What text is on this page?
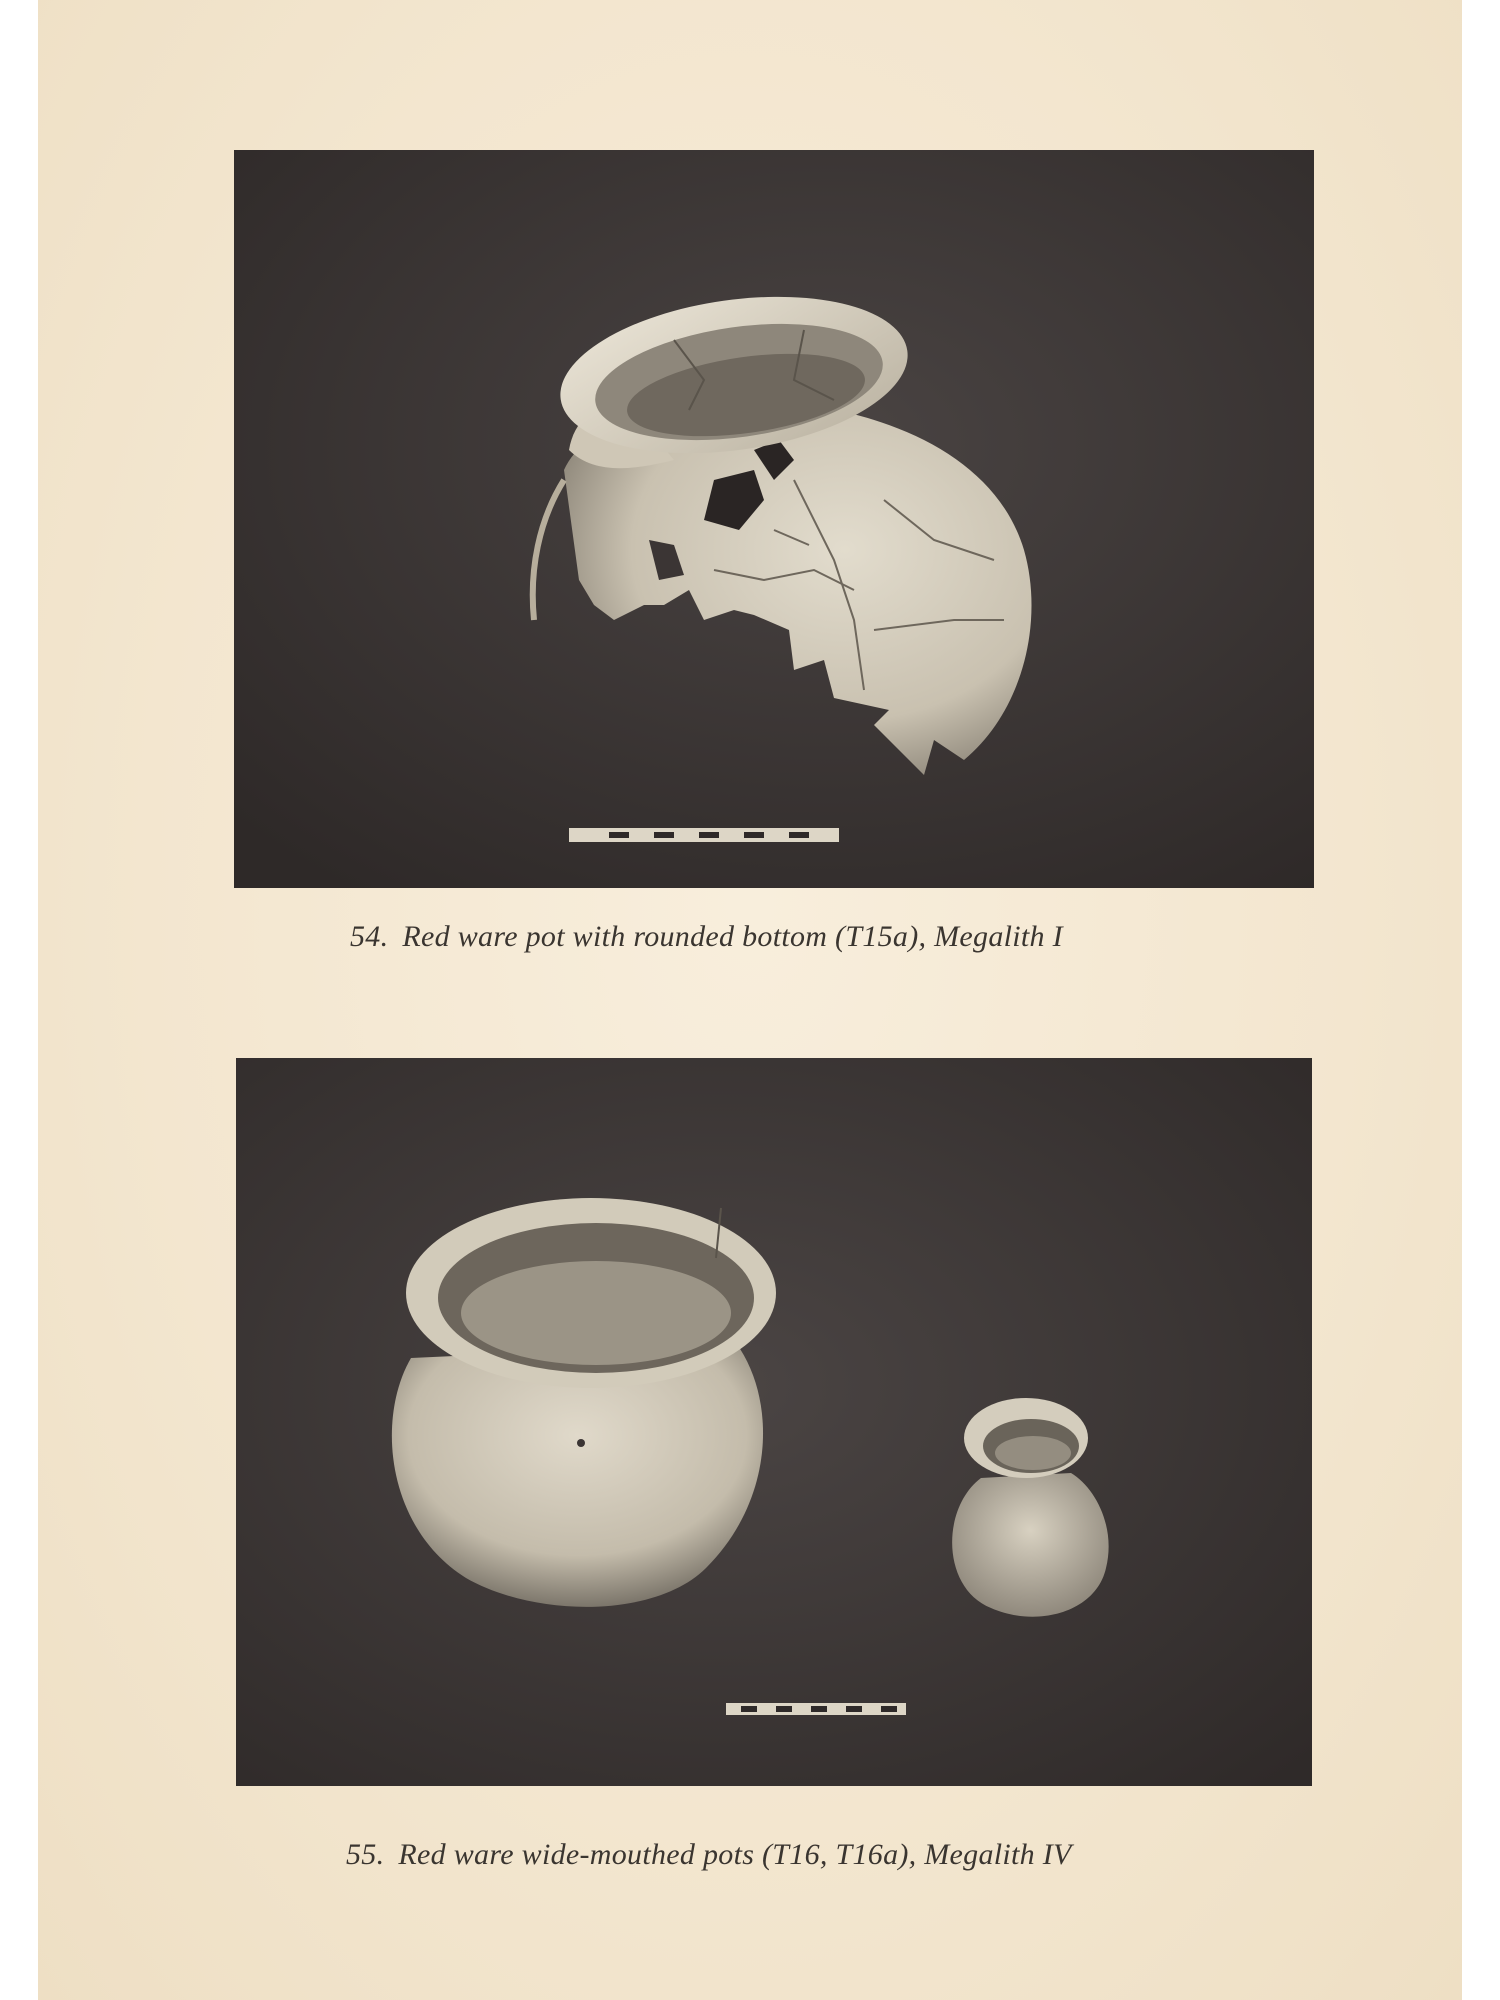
54. Red ware pot with rounded bottom (T15a), Megalith I
55. Red ware wide-mouthed pots (T16, T16a), Megalith IV
